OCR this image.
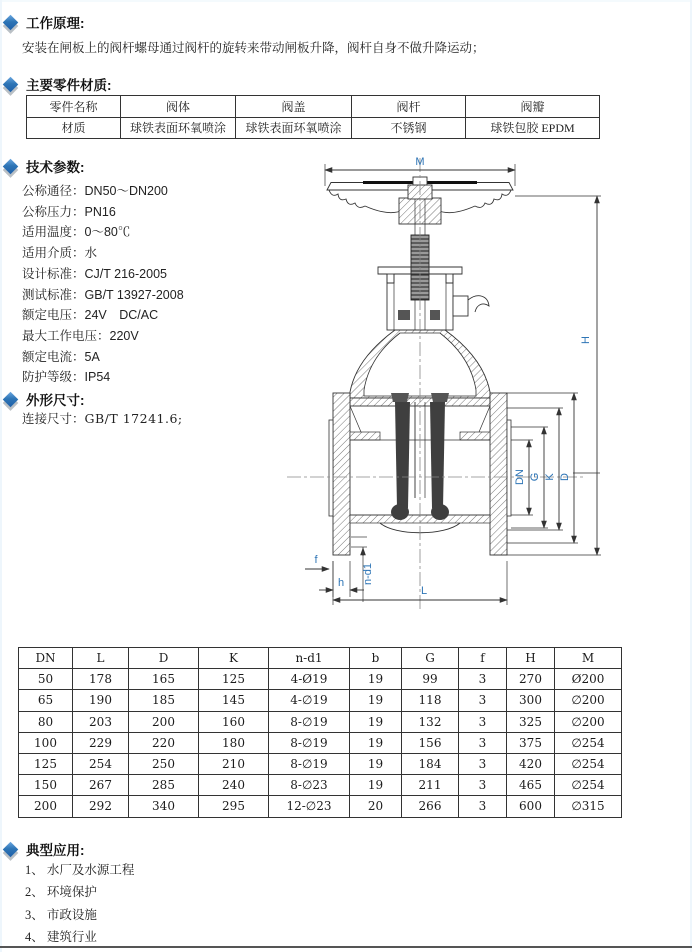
工作原理:
安装在闸板上的阀杆螺母通过阀杆的旋转来带动闸板升降，阀杆自身不做升降运动；
主要零件材质:
零件名称	阀体	阀盖	阀杆	阀瓣
材质	球铁表面环氧喷涂	球铁表面环氧喷涂	不锈钢	球铁包胶 EPDM
技术参数:
公称通径：DN50～DN200
公称压力：PN16
适用温度：0～80℃
适用介质：水
设计标准：CJ/T 216-2005
测试标准：GB/T 13927-2008
额定电压：24V　DC/AC
最大工作电压：220V
额定电流：5A
防护等级：IP54
外形尺寸:
连接尺寸：GB/T 17241.6;
M
H
DN G K D
f
h n-d1
L
DN	L	D	K	n-d1	b	G	f	H	M
50	178	165	125	4-Ø19	19	99	3	270	Ø200
65	190	185	145	4-∅19	19	118	3	300	∅200
80	203	200	160	8-∅19	19	132	3	325	∅200
100	229	220	180	8-∅19	19	156	3	375	∅254
125	254	250	210	8-∅19	19	184	3	420	∅254
150	267	285	240	8-∅23	19	211	3	465	∅254
200	292	340	295	12-∅23	20	266	3	600	∅315
典型应用:
1、 水厂及水源工程
2、 环境保护
3、 市政设施
4、 建筑行业
